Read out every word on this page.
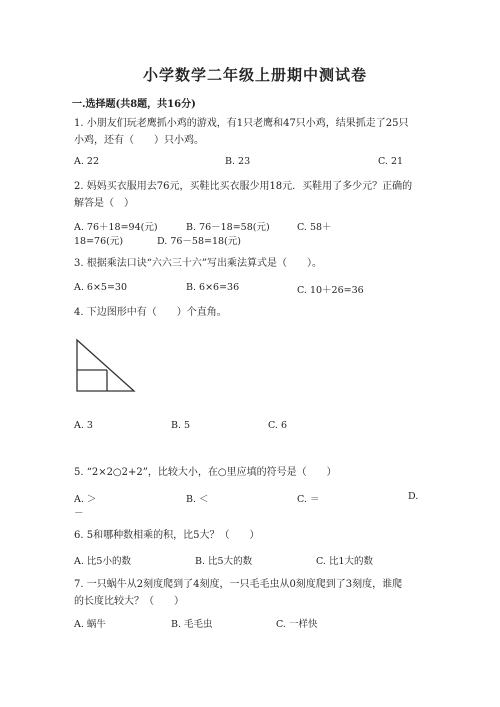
小学数学二年级上册期中测试卷
一.选择题(共8题，共16分)
1. 小朋友们玩老鹰抓小鸡的游戏，有1只老鹰和47只小鸡，结果抓走了25只
小鸡，还有（　　）只小鸡。
A. 22	B. 23	C. 21
2. 妈妈买衣服用去76元，买鞋比买衣服少用18元．买鞋用了多少元？正确的
解答是（　）
A. 76＋18=94(元)	B. 76－18=58(元)	C. 58＋
18=76(元)	D. 76－58=18(元)
3. 根据乘法口诀“六六三十六”写出乘法算式是（　　）。
A. 6×5=30	B. 6×6=36	C. 10＋26=36
4. 下边图形中有（　　）个直角。
A. 3	B. 5	C. 6
5. “2×2○2+2”，比较大小，在○里应填的符号是（　　）
A. ＞	B. ＜	C. ＝	D.
－
6. 5和哪种数相乘的积，比5大？（　　）
A. 比5小的数	B. 比5大的数	C. 比1大的数
7. 一只蜗牛从2刻度爬到了4刻度，一只毛毛虫从0刻度爬到了3刻度，谁爬
的长度比较大？（　　）
A. 蜗牛	B. 毛毛虫	C. 一样快
